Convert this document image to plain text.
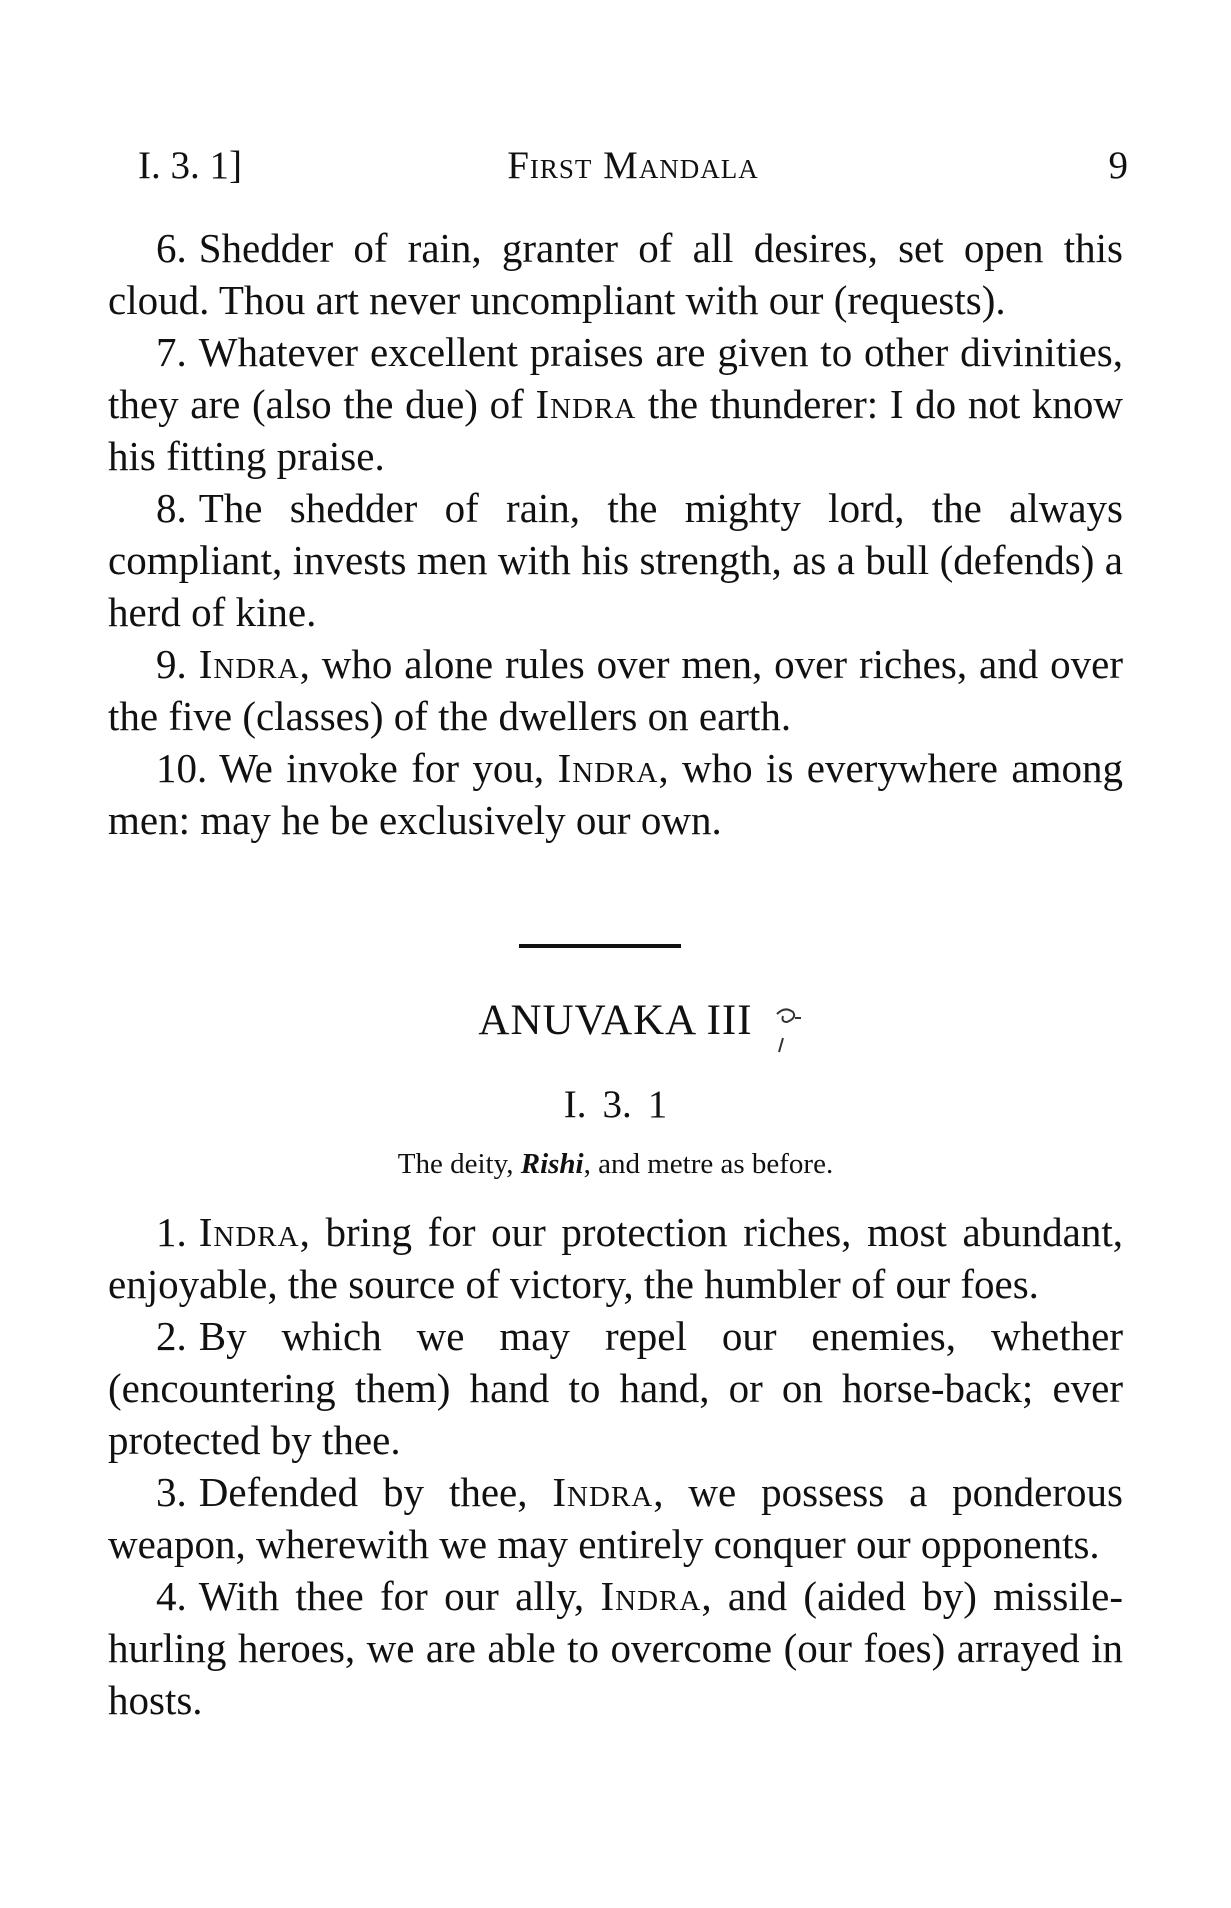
I. 3. 1]	First Mandala	9

6. Shedder of rain, granter of all desires, set open this cloud. Thou art never uncompliant with our (requests).

7. Whatever excellent praises are given to other divinities, they are (also the due) of Indra the thunderer: I do not know his fitting praise.

8. The shedder of rain, the mighty lord, the always compliant, invests men with his strength, as a bull (defends) a herd of kine.

9. Indra, who alone rules over men, over riches, and over the five (classes) of the dwellers on earth.

10. We invoke for you, Indra, who is everywhere among men: may he be exclusively our own.

ANUVAKA III
I. 3. 1
The deity, Rishi, and metre as before.

1. Indra, bring for our protection riches, most abundant, enjoyable, the source of victory, the humbler of our foes.

2. By which we may repel our enemies, whether (encountering them) hand to hand, or on horse-back; ever protected by thee.

3. Defended by thee, Indra, we possess a ponderous weapon, wherewith we may entirely conquer our opponents.

4. With thee for our ally, Indra, and (aided by) missile-hurling heroes, we are able to overcome (our foes) arrayed in hosts.
